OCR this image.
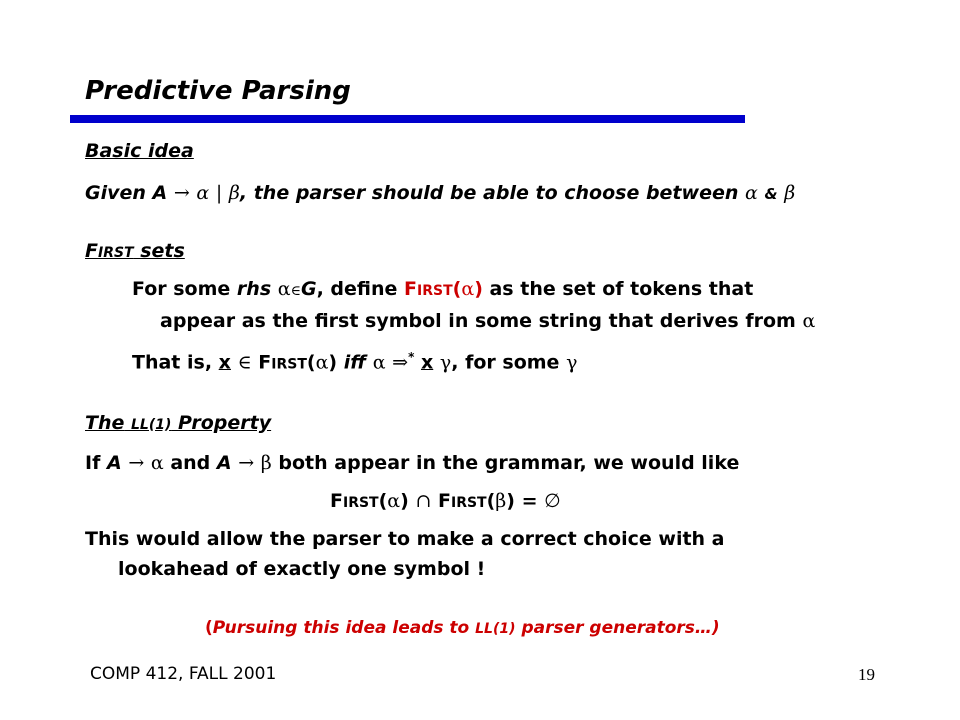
Predictive Parsing
Basic idea
Given A → α | β, the parser should be able to choose between α & β
FIRST sets
For some rhs α∈G, define FIRST(α) as the set of tokens that
appear as the first symbol in some string that derives from α
That is, x ∈ FIRST(α) iff α ⇒* x γ, for some γ
The LL(1) Property
If A → α and A → β both appear in the grammar, we would like
FIRST(α) ∩ FIRST(β) = ∅
This would allow the parser to make a correct choice with a
lookahead of exactly one symbol !
(Pursuing this idea leads to LL(1) parser generators…)
COMP 412, FALL 2001	19
